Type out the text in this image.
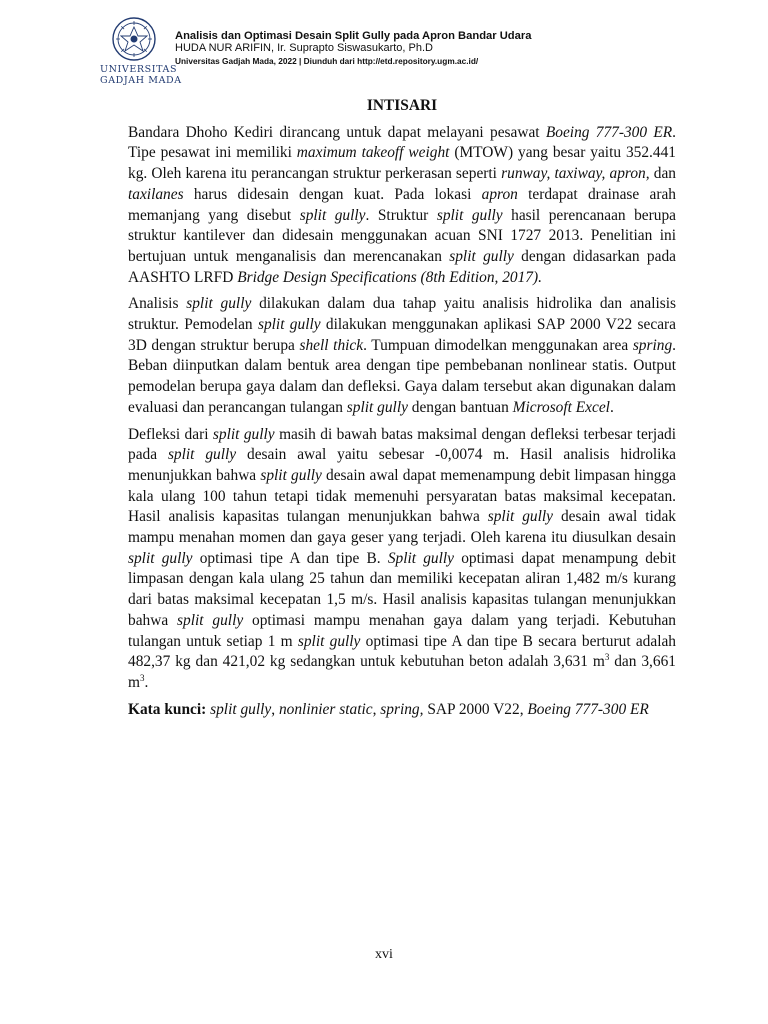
UNIVERSITAS
GADJAH MADA
Analisis dan Optimasi Desain Split Gully pada Apron Bandar Udara
HUDA NUR ARIFIN, Ir. Suprapto Siswasukarto, Ph.D
Universitas Gadjah Mada, 2022 | Diunduh dari http://etd.repository.ugm.ac.id/
INTISARI

Bandara Dhoho Kediri dirancang untuk dapat melayani pesawat Boeing 777-300 ER. Tipe pesawat ini memiliki maximum takeoff weight (MTOW) yang besar yaitu 352.441 kg. Oleh karena itu perancangan struktur perkerasan seperti runway, taxiway, apron, dan taxilanes harus didesain dengan kuat. Pada lokasi apron terdapat drainase arah memanjang yang disebut split gully. Struktur split gully hasil perencanaan berupa struktur kantilever dan didesain menggunakan acuan SNI 1727 2013. Penelitian ini bertujuan untuk menganalisis dan merencanakan split gully dengan didasarkan pada AASHTO LRFD Bridge Design Specifications (8th Edition, 2017).

Analisis split gully dilakukan dalam dua tahap yaitu analisis hidrolika dan analisis struktur. Pemodelan split gully dilakukan menggunakan aplikasi SAP 2000 V22 secara 3D dengan struktur berupa shell thick. Tumpuan dimodelkan menggunakan area spring. Beban diinputkan dalam bentuk area dengan tipe pembebanan nonlinear statis. Output pemodelan berupa gaya dalam dan defleksi. Gaya dalam tersebut akan digunakan dalam evaluasi dan perancangan tulangan split gully dengan bantuan Microsoft Excel.

Defleksi dari split gully masih di bawah batas maksimal dengan defleksi terbesar terjadi pada split gully desain awal yaitu sebesar -0,0074 m. Hasil analisis hidrolika menunjukkan bahwa split gully desain awal dapat memenampung debit limpasan hingga kala ulang 100 tahun tetapi tidak memenuhi persyaratan batas maksimal kecepatan. Hasil analisis kapasitas tulangan menunjukkan bahwa split gully desain awal tidak mampu menahan momen dan gaya geser yang terjadi. Oleh karena itu diusulkan desain split gully optimasi tipe A dan tipe B. Split gully optimasi dapat menampung debit limpasan dengan kala ulang 25 tahun dan memiliki kecepatan aliran 1,482 m/s kurang dari batas maksimal kecepatan 1,5 m/s. Hasil analisis kapasitas tulangan menunjukkan bahwa split gully optimasi mampu menahan gaya dalam yang terjadi. Kebutuhan tulangan untuk setiap 1 m split gully optimasi tipe A dan tipe B secara berturut adalah 482,37 kg dan 421,02 kg sedangkan untuk kebutuhan beton adalah 3,631 $m^3$ dan 3,661 $m^3$.

Kata kunci: split gully, nonlinier static, spring, SAP 2000 V22, Boeing 777-300 ER

xvi
